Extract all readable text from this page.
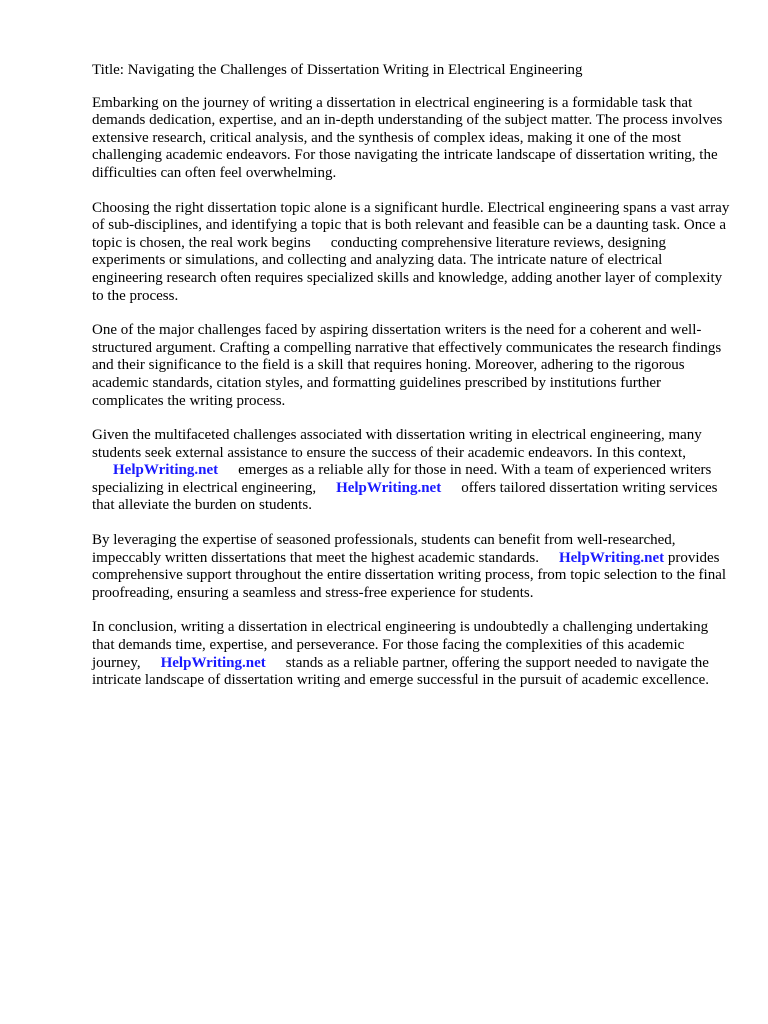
Title: Navigating the Challenges of Dissertation Writing in Electrical Engineering

Embarking on the journey of writing a dissertation in electrical engineering is a formidable task that demands dedication, expertise, and an in-depth understanding of the subject matter. The process involves extensive research, critical analysis, and the synthesis of complex ideas, making it one of the most challenging academic endeavors. For those navigating the intricate landscape of dissertation writing, the difficulties can often feel overwhelming.

Choosing the right dissertation topic alone is a significant hurdle. Electrical engineering spans a vast array of sub-disciplines, and identifying a topic that is both relevant and feasible can be a daunting task. Once a topic is chosen, the real work begins conducting comprehensive literature reviews, designing experiments or simulations, and collecting and analyzing data. The intricate nature of electrical engineering research often requires specialized skills and knowledge, adding another layer of complexity to the process.

One of the major challenges faced by aspiring dissertation writers is the need for a coherent and well-structured argument. Crafting a compelling narrative that effectively communicates the research findings and their significance to the field is a skill that requires honing. Moreover, adhering to the rigorous academic standards, citation styles, and formatting guidelines prescribed by institutions further complicates the writing process.

Given the multifaceted challenges associated with dissertation writing in electrical engineering, many students seek external assistance to ensure the success of their academic endeavors. In this context,
HelpWriting.net emerges as a reliable ally for those in need. With a team of experienced writers specializing in electrical engineering, HelpWriting.net offers tailored dissertation writing services that alleviate the burden on students.

By leveraging the expertise of seasoned professionals, students can benefit from well-researched, impeccably written dissertations that meet the highest academic standards. HelpWriting.net provides comprehensive support throughout the entire dissertation writing process, from topic selection to the final proofreading, ensuring a seamless and stress-free experience for students.

In conclusion, writing a dissertation in electrical engineering is undoubtedly a challenging undertaking that demands time, expertise, and perseverance. For those facing the complexities of this academic journey, HelpWriting.net stands as a reliable partner, offering the support needed to navigate the intricate landscape of dissertation writing and emerge successful in the pursuit of academic excellence.
